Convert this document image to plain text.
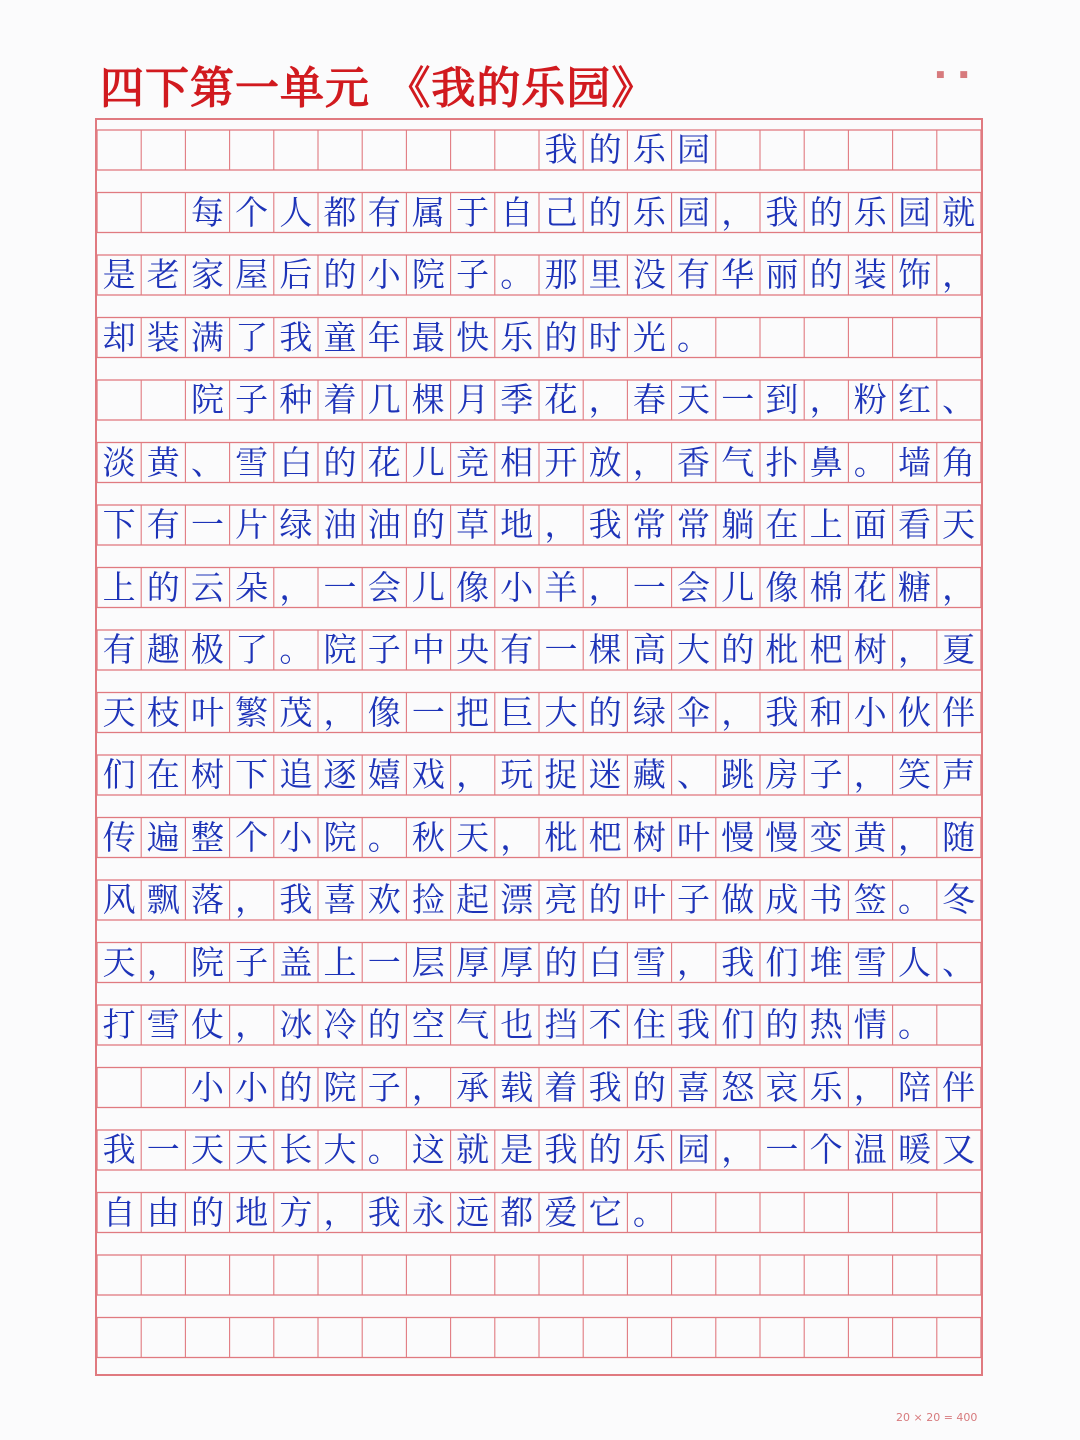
四下第一单元 《我的乐园》	■ ■
我 的 乐 园
每 个 人 都 有 属 于 自 己 的 乐 园 ， 我 的 乐 园 就
是 老 家 屋 后 的 小 院 子 。 那 里 没 有 华 丽 的 装 饰 ，
却 装 满 了 我 童 年 最 快 乐 的 时 光 。
院 子 种 着 几 棵 月 季 花 ， 春 天 一 到 ， 粉 红 、
淡 黄 、 雪 白 的 花 儿 竞 相 开 放 ， 香 气 扑 鼻 。 墙 角
下 有 一 片 绿 油 油 的 草 地 ， 我 常 常 躺 在 上 面 看 天
上 的 云 朵 ， 一 会 儿 像 小 羊 ， 一 会 儿 像 棉 花 糖 ，
有 趣 极 了 。 院 子 中 央 有 一 棵 高 大 的 枇 杷 树 ， 夏
天 枝 叶 繁 茂 ， 像 一 把 巨 大 的 绿 伞 ， 我 和 小 伙 伴
们 在 树 下 追 逐 嬉 戏 ， 玩 捉 迷 藏 、 跳 房 子 ， 笑 声
传 遍 整 个 小 院 。 秋 天 ， 枇 杷 树 叶 慢 慢 变 黄 ， 随
风 飘 落 ， 我 喜 欢 捡 起 漂 亮 的 叶 子 做 成 书 签 。 冬
天 ， 院 子 盖 上 一 层 厚 厚 的 白 雪 ， 我 们 堆 雪 人 、
打 雪 仗 ， 冰 冷 的 空 气 也 挡 不 住 我 们 的 热 情 。
小 小 的 院 子 ， 承 载 着 我 的 喜 怒 哀 乐 ， 陪 伴
我 一 天 天 长 大 。 这 就 是 我 的 乐 园 ， 一 个 温 暖 又
自 由 的 地 方 ， 我 永 远 都 爱 它 。
20 × 20 = 400
